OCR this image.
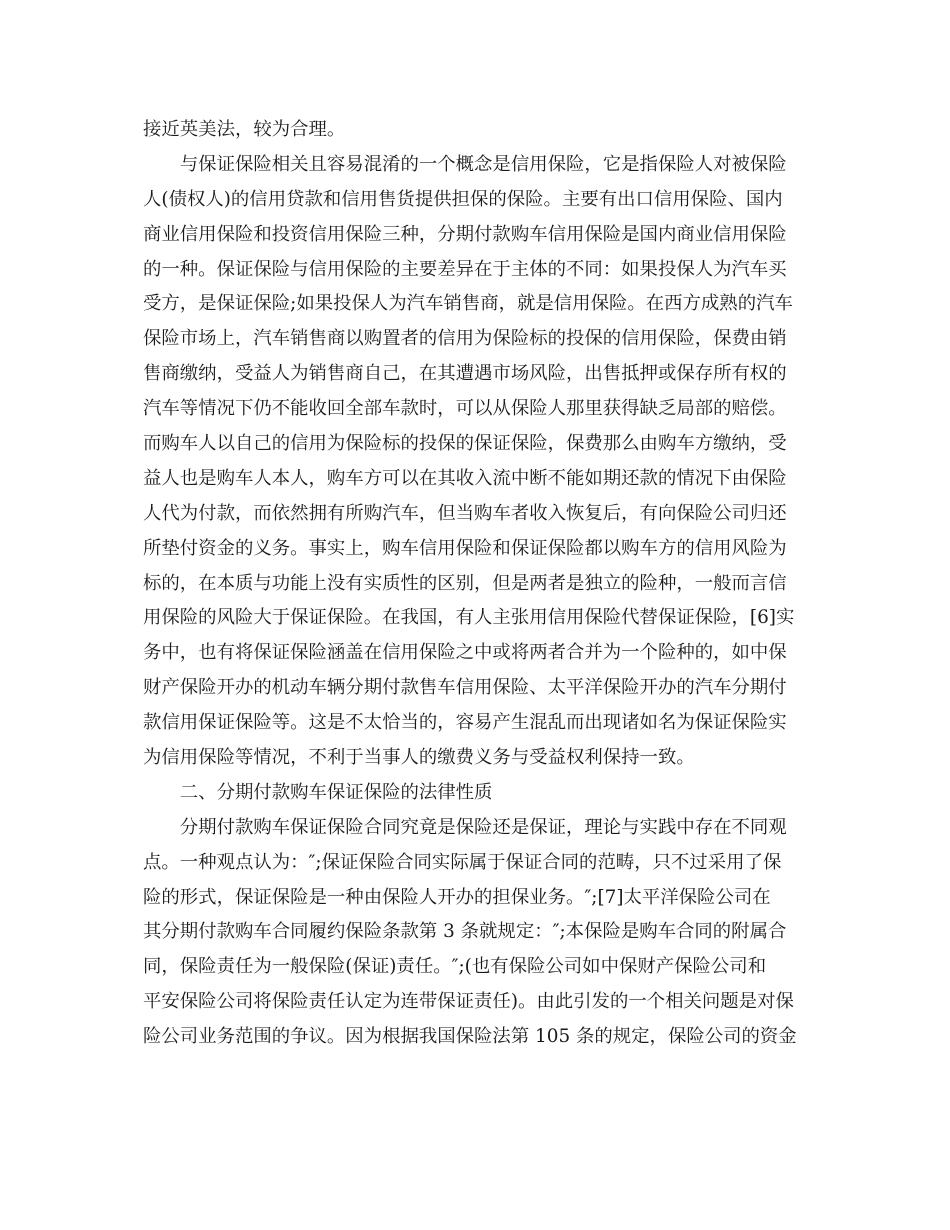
接近英美法，较为合理。
　　与保证保险相关且容易混淆的一个概念是信用保险，它是指保险人对被保险
人(债权人)的信用贷款和信用售货提供担保的保险。主要有出口信用保险、国内
商业信用保险和投资信用保险三种，分期付款购车信用保险是国内商业信用保险
的一种。保证保险与信用保险的主要差异在于主体的不同：如果投保人为汽车买
受方，是保证保险;如果投保人为汽车销售商，就是信用保险。在西方成熟的汽车
保险市场上，汽车销售商以购置者的信用为保险标的投保的信用保险，保费由销
售商缴纳，受益人为销售商自己，在其遭遇市场风险，出售抵押或保存所有权的
汽车等情况下仍不能收回全部车款时，可以从保险人那里获得缺乏局部的赔偿。
而购车人以自己的信用为保险标的投保的保证保险，保费那么由购车方缴纳，受
益人也是购车人本人，购车方可以在其收入流中断不能如期还款的情况下由保险
人代为付款，而依然拥有所购汽车，但当购车者收入恢复后，有向保险公司归还
所垫付资金的义务。事实上，购车信用保险和保证保险都以购车方的信用风险为
标的，在本质与功能上没有实质性的区别，但是两者是独立的险种，一般而言信
用保险的风险大于保证保险。在我国，有人主张用信用保险代替保证保险，[6]实
务中，也有将保证保险涵盖在信用保险之中或将两者合并为一个险种的，如中保
财产保险开办的机动车辆分期付款售车信用保险、太平洋保险开办的汽车分期付
款信用保证保险等。这是不太恰当的，容易产生混乱而出现诸如名为保证保险实
为信用保险等情况，不利于当事人的缴费义务与受益权利保持一致。
　　二、分期付款购车保证保险的法律性质
　　分期付款购车保证保险合同究竟是保险还是保证，理论与实践中存在不同观
点。一种观点认为：″;保证保险合同实际属于保证合同的范畴，只不过采用了保
险的形式，保证保险是一种由保险人开办的担保业务。″;[7]太平洋保险公司在
其分期付款购车合同履约保险条款第 3 条就规定：″;本保险是购车合同的附属合
同，保险责任为一般保险(保证)责任。″;(也有保险公司如中保财产保险公司和
平安保险公司将保险责任认定为连带保证责任)。由此引发的一个相关问题是对保
险公司业务范围的争议。因为根据我国保险法第 105 条的规定，保险公司的资金
